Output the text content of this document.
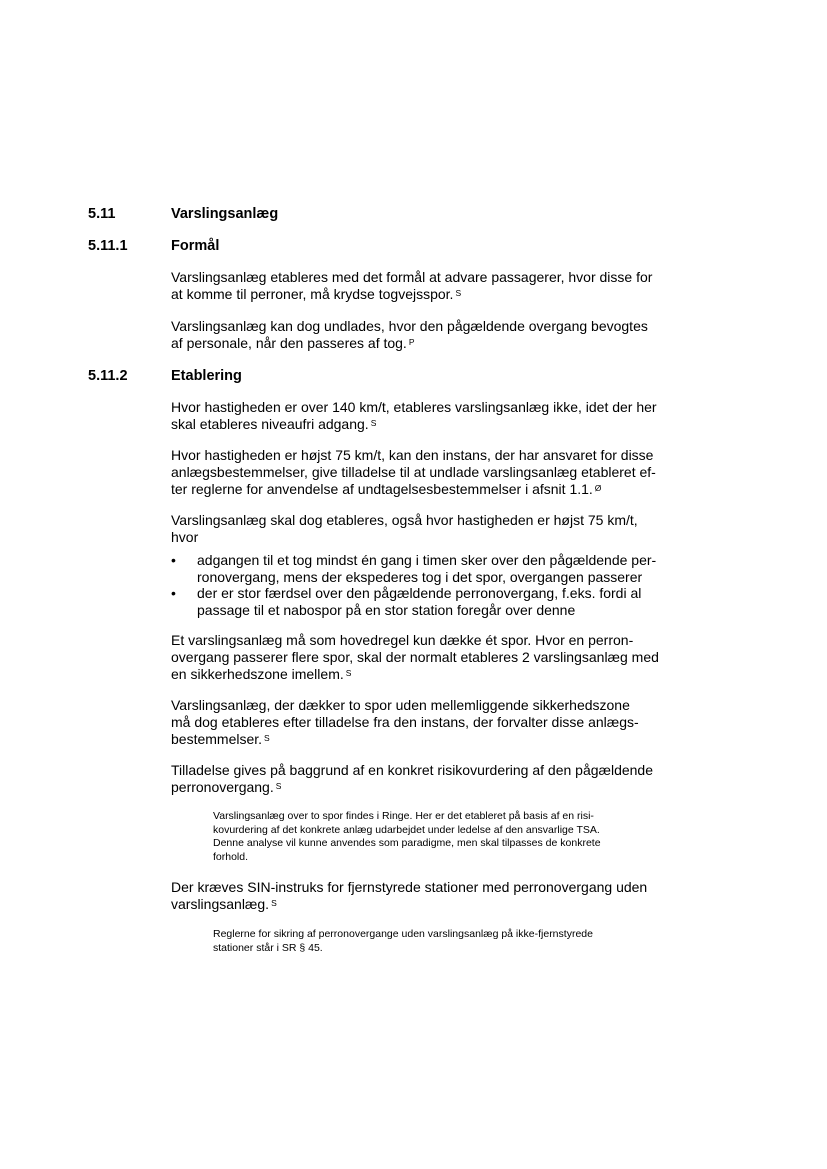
5.11	Varslingsanlæg
5.11.1	Formål
5.11.2	Etablering
Varslingsanlæg etableres med det formål at advare passagerer, hvor disse for
at komme til perroner, må krydse togvejsspor. $^S$
Varslingsanlæg kan dog undlades, hvor den pågældende overgang bevogtes
af personale, når den passeres af tog. $^P$
Hvor hastigheden er over 140 km/t, etableres varslingsanlæg ikke, idet der her
skal etableres niveaufri adgang. $^S$
Hvor hastigheden er højst 75 km/t, kan den instans, der har ansvaret for disse
anlægsbestemmelser, give tilladelse til at undlade varslingsanlæg etableret ef-
ter reglerne for anvendelse af undtagelsesbestemmelser i afsnit 1.1. $^Ø$
Varslingsanlæg skal dog etableres, også hvor hastigheden er højst 75 km/t,
hvor
• adgangen til et tog mindst én gang i timen sker over den pågældende per-
ronovergang, mens der ekspederes tog i det spor, overgangen passerer
• der er stor færdsel over den pågældende perronovergang, f.eks. fordi al
passage til et nabospor på en stor station foregår over denne
Et varslingsanlæg må som hovedregel kun dække ét spor. Hvor en perron-
overgang passerer flere spor, skal der normalt etableres 2 varslingsanlæg med
en sikkerhedszone imellem. $^S$
Varslingsanlæg, der dækker to spor uden mellemliggende sikkerhedszone
må dog etableres efter tilladelse fra den instans, der forvalter disse anlægs-
bestemmelser. $^S$
Tilladelse gives på baggrund af en konkret risikovurdering af den pågældende
perronovergang. $^S$
Varslingsanlæg over to spor findes i Ringe. Her er det etableret på basis af en risi-
kovurdering af det konkrete anlæg udarbejdet under ledelse af den ansvarlige TSA.
Denne analyse vil kunne anvendes som paradigme, men skal tilpasses de konkrete
forhold.
Der kræves SIN-instruks for fjernstyrede stationer med perronovergang uden
varslingsanlæg. $^S$
Reglerne for sikring af perronovergange uden varslingsanlæg på ikke-fjernstyrede
stationer står i SR § 45.
